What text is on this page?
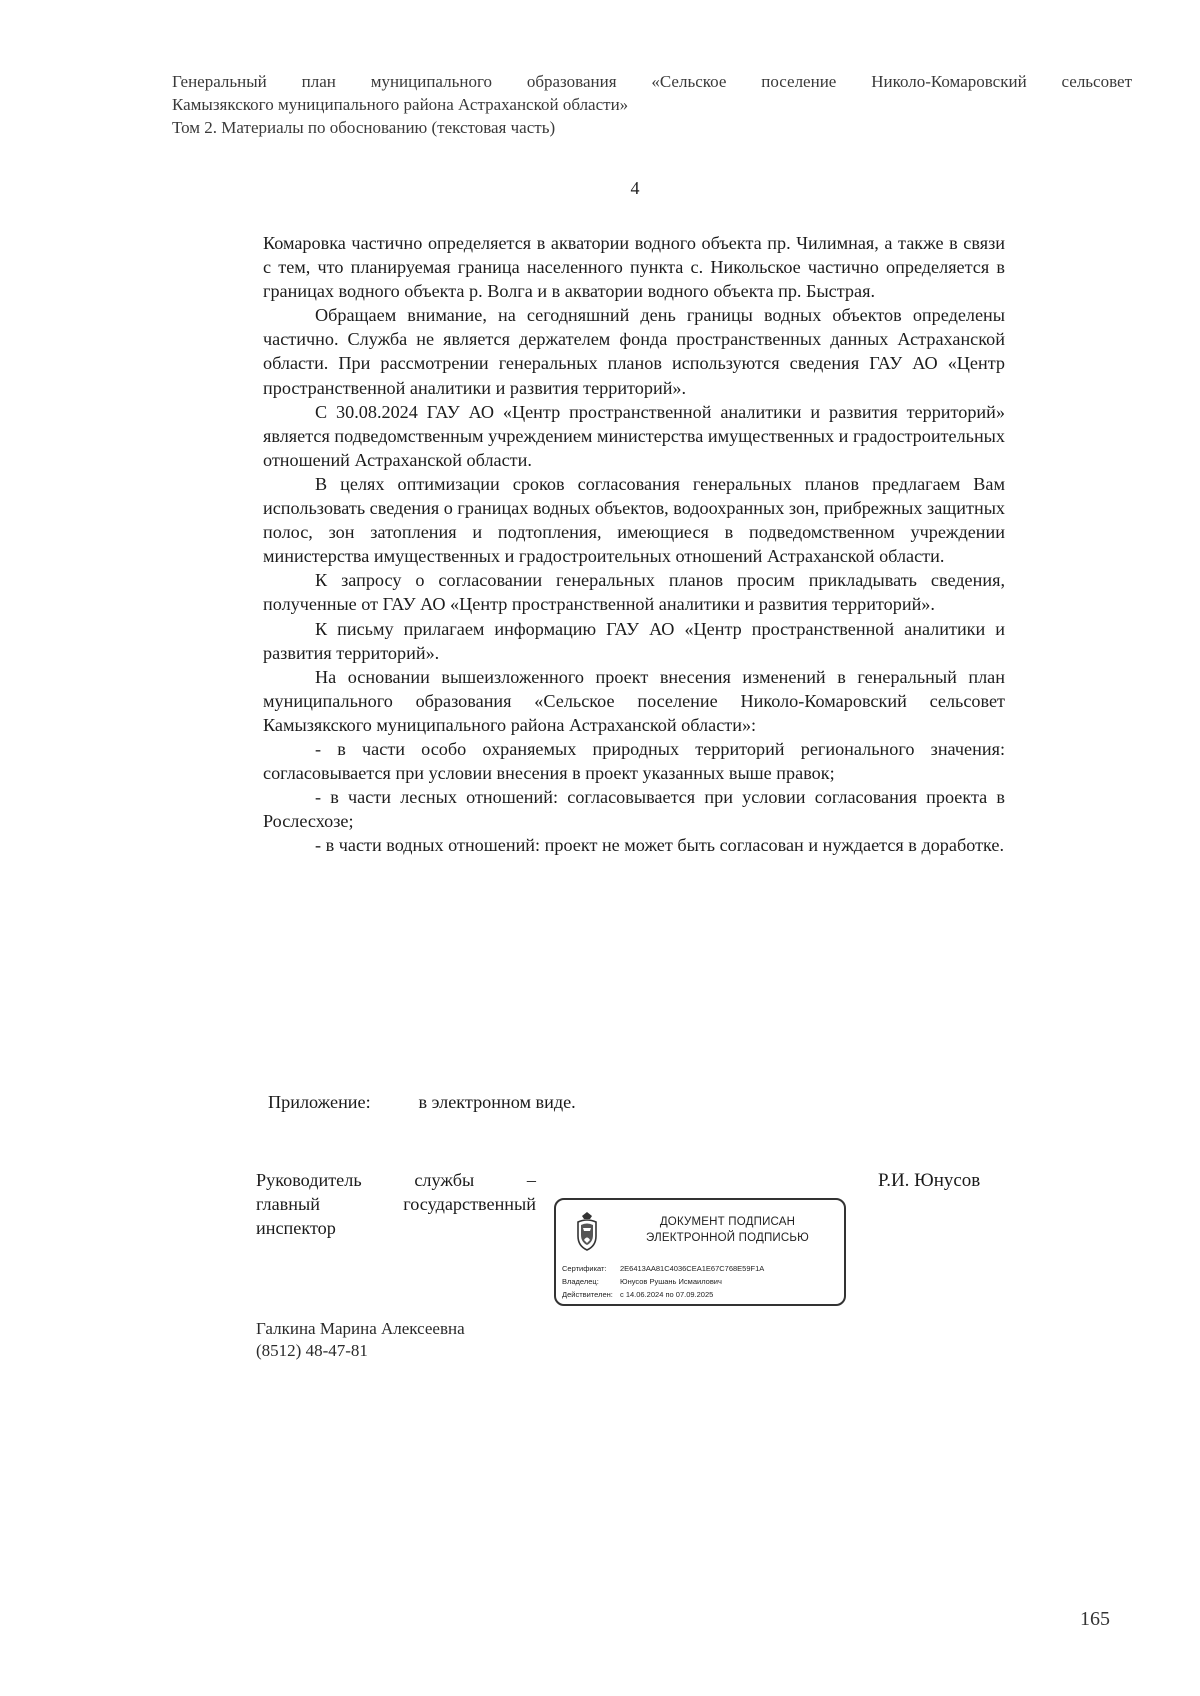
Генеральный план муниципального образования «Сельское поселение Николо-Комаровский сельсовет
Камызякского муниципального района Астраханской области»
Том 2. Материалы по обоснованию (текстовая часть)
4

Комаровка частично определяется в акватории водного объекта пр. Чилимная, а также в связи с тем, что планируемая граница населенного пункта с. Никольское частично определяется в границах водного объекта р. Волга и в акватории водного объекта пр. Быстрая.

Обращаем внимание, на сегодняшний день границы водных объектов определены частично. Служба не является держателем фонда пространственных данных Астраханской области. При рассмотрении генеральных планов используются сведения ГАУ АО «Центр пространственной аналитики и развития территорий».

С 30.08.2024 ГАУ АО «Центр пространственной аналитики и развития территорий» является подведомственным учреждением министерства имущественных и градостроительных отношений Астраханской области.

В целях оптимизации сроков согласования генеральных планов предлагаем Вам использовать сведения о границах водных объектов, водоохранных зон, прибрежных защитных полос, зон затопления и подтопления, имеющиеся в подведомственном учреждении министерства имущественных и градостроительных отношений Астраханской области.

К запросу о согласовании генеральных планов просим прикладывать сведения, полученные от ГАУ АО «Центр пространственной аналитики и развития территорий».

К письму прилагаем информацию ГАУ АО «Центр пространственной аналитики и развития территорий».

На основании вышеизложенного проект внесения изменений в генеральный план муниципального образования «Сельское поселение Николо-Комаровский сельсовет Камызякского муниципального района Астраханской области»:

- в части особо охраняемых природных территорий регионального значения: согласовывается при условии внесения в проект указанных выше правок;

- в части лесных отношений: согласовывается при условии согласования проекта в Рослесхозе;

- в части водных отношений: проект не может быть согласован и нуждается в доработке.

Приложение:	в электронном виде.
Руководитель службы –
главный государственный
инспектор
Р.И. Юнусов
ДОКУМЕНТ ПОДПИСАН
ЭЛЕКТРОННОЙ ПОДПИСЬЮ
Сертификат: 2E6413AA81C4036CEA1E67C768E59F1A
Владелец:	Юнусов Рушань Исмаилович
Действителен: с 14.06.2024 по 07.09.2025
Галкина Марина Алексеевна
(8512) 48-47-81
165
